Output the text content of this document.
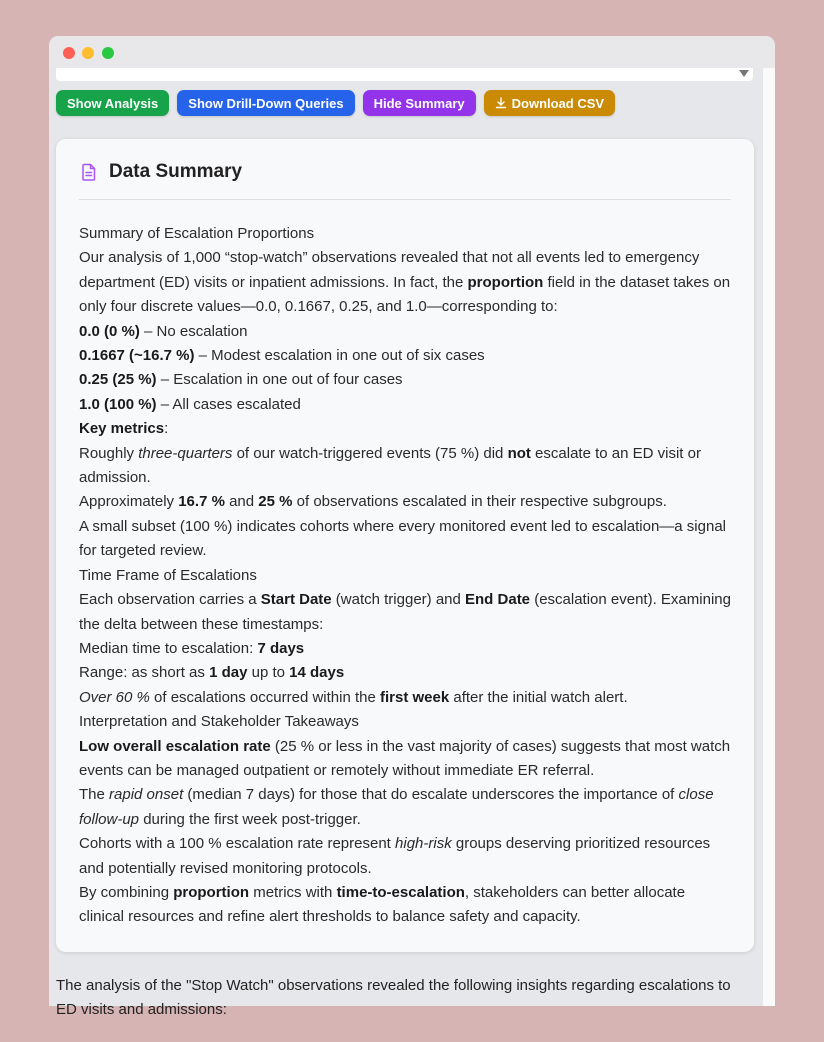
Show Analysis Show Drill-Down Queries Hide Summary	Download CSV
Data Summary

Summary of Escalation Proportions

Our analysis of 1,000 “stop-watch” observations revealed that not all events led to emergency department (ED) visits or inpatient admissions. In fact, the proportion field in the dataset takes on only four discrete values—0.0, 0.1667, 0.25, and 1.0—corresponding to:

0.0 (0 %) – No escalation

0.1667 (~16.7 %) – Modest escalation in one out of six cases

0.25 (25 %) – Escalation in one out of four cases

1.0 (100 %) – All cases escalated

Key metrics:

Roughly three-quarters of our watch-triggered events (75 %) did not escalate to an ED visit or admission.

Approximately 16.7 % and 25 % of observations escalated in their respective subgroups.

A small subset (100 %) indicates cohorts where every monitored event led to escalation—a signal for targeted review.

Time Frame of Escalations

Each observation carries a Start Date (watch trigger) and End Date (escalation event). Examining the delta between these timestamps:

Median time to escalation: 7 days

Range: as short as 1 day up to 14 days

Over 60 % of escalations occurred within the first week after the initial watch alert.

Interpretation and Stakeholder Takeaways

Low overall escalation rate (25 % or less in the vast majority of cases) suggests that most watch events can be managed outpatient or remotely without immediate ER referral.

The rapid onset (median 7 days) for those that do escalate underscores the importance of close follow-up during the first week post-trigger.

Cohorts with a 100 % escalation rate represent high-risk groups deserving prioritized resources and potentially revised monitoring protocols.

By combining proportion metrics with time-to-escalation, stakeholders can better allocate clinical resources and refine alert thresholds to balance safety and capacity.

The analysis of the "Stop Watch" observations revealed the following insights regarding escalations to ED visits and admissions:
